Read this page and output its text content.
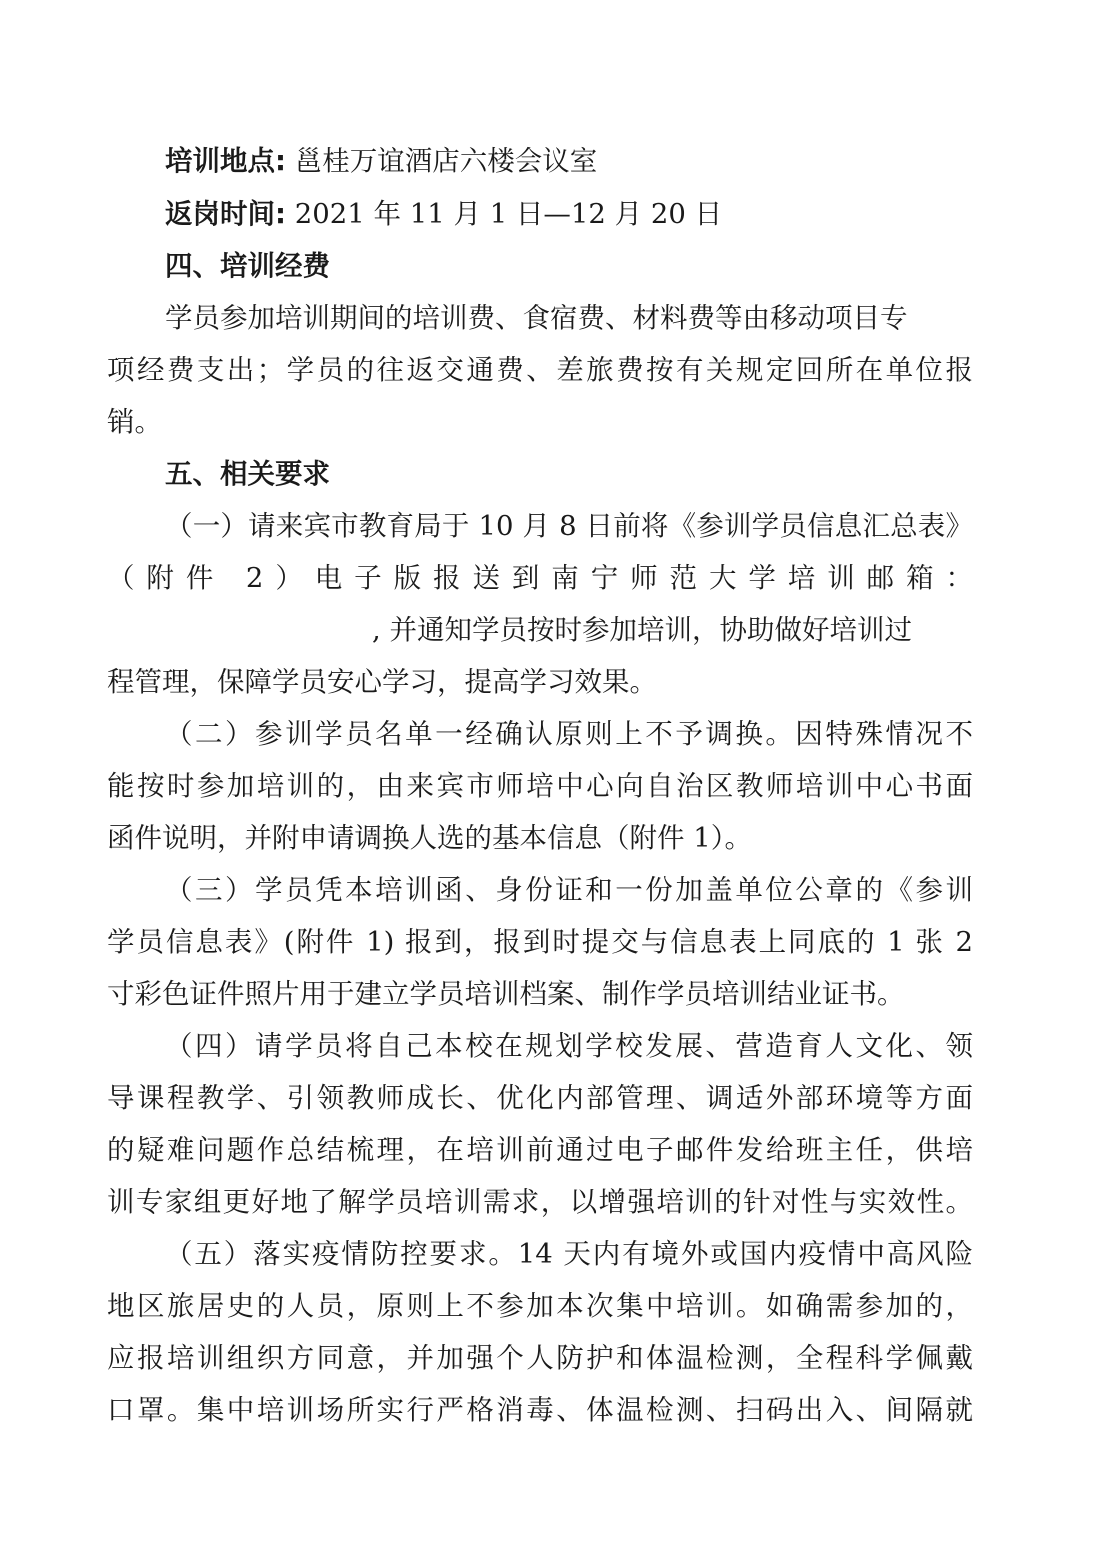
培训地点: 邕桂万谊酒店六楼会议室
返岗时间: 2021 年 11 月 1 日—12 月 20 日
四、培训经费
学员参加培训期间的培训费、食宿费、材料费等由移动项目专
项经费支出；学员的往返交通费、差旅费按有关规定回所在单位报
销。
五、相关要求
（一）请来宾市教育局于 10 月 8 日前将《参训学员信息汇总表》
（附件 2）电子版报送到南宁师范大学培训邮箱：
, 并通知学员按时参加培训，协助做好培训过
程管理，保障学员安心学习，提高学习效果。
（二）参训学员名单一经确认原则上不予调换。因特殊情况不
能按时参加培训的，由来宾市师培中心向自治区教师培训中心书面
函件说明，并附申请调换人选的基本信息（附件 1）。
（三）学员凭本培训函、身份证和一份加盖单位公章的《参训
学员信息表》(附件 1) 报到，报到时提交与信息表上同底的 1 张 2
寸彩色证件照片用于建立学员培训档案、制作学员培训结业证书。
（四）请学员将自己本校在规划学校发展、营造育人文化、领
导课程教学、引领教师成长、优化内部管理、调适外部环境等方面
的疑难问题作总结梳理，在培训前通过电子邮件发给班主任，供培
训专家组更好地了解学员培训需求，以增强培训的针对性与实效性。
（五）落实疫情防控要求。14 天内有境外或国内疫情中高风险
地区旅居史的人员，原则上不参加本次集中培训。如确需参加的，
应报培训组织方同意，并加强个人防护和体温检测，全程科学佩戴
口罩。集中培训场所实行严格消毒、体温检测、扫码出入、间隔就
